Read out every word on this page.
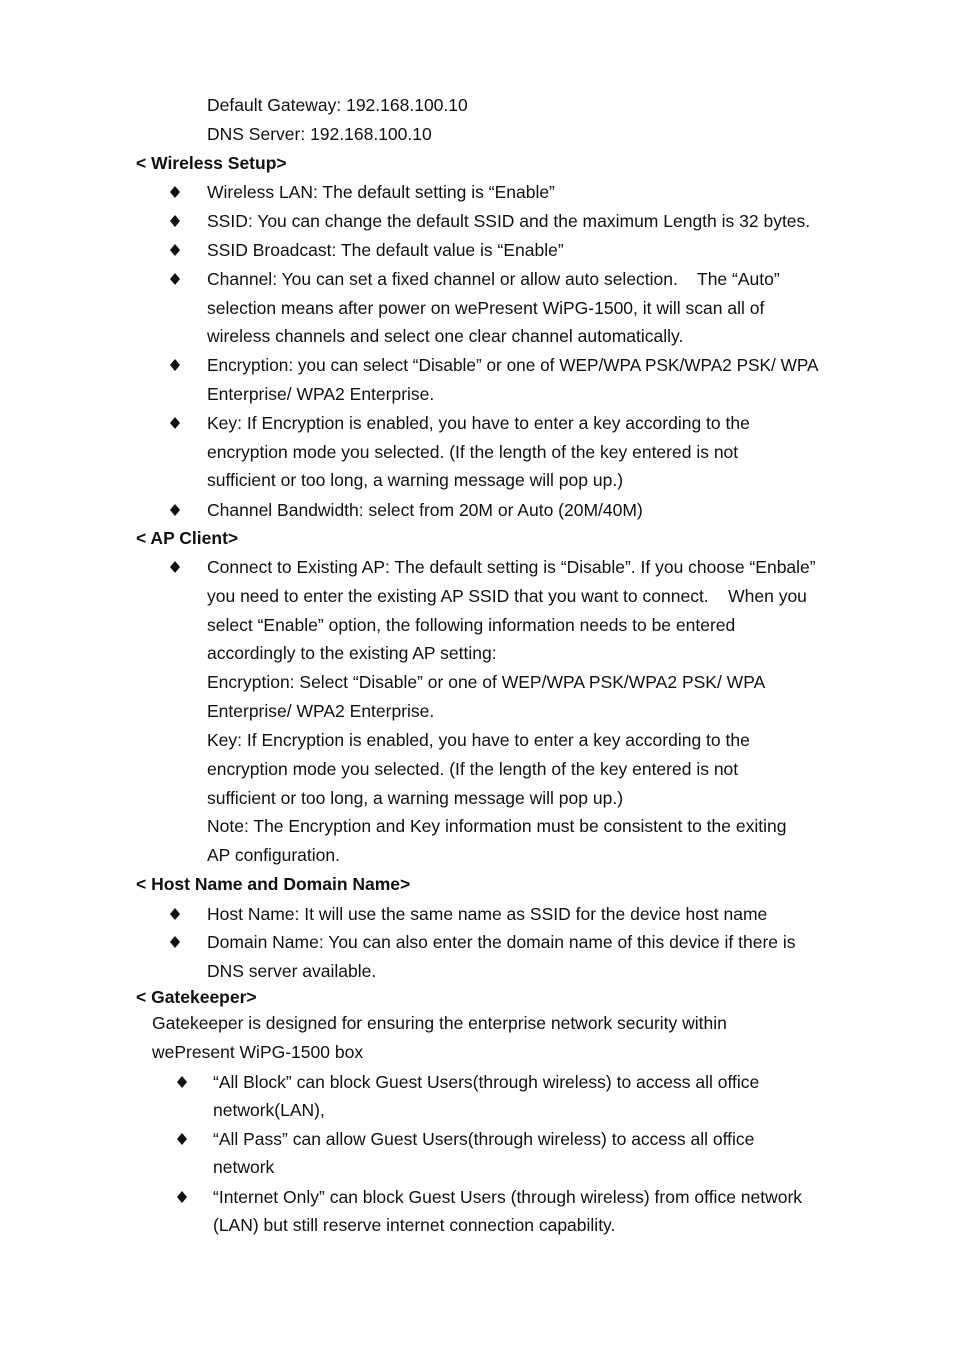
Default Gateway: 192.168.100.10
DNS Server: 192.168.100.10
< Wireless Setup>
Wireless LAN: The default setting is “Enable”
SSID: You can change the default SSID and the maximum Length is 32 bytes.
SSID Broadcast: The default value is “Enable”
Channel: You can set a fixed channel or allow auto selection.    The “Auto”
selection means after power on wePresent WiPG-1500, it will scan all of
wireless channels and select one clear channel automatically.
Encryption: you can select “Disable” or one of WEP/WPA PSK/WPA2 PSK/ WPA
Enterprise/ WPA2 Enterprise.
Key: If Encryption is enabled, you have to enter a key according to the
encryption mode you selected. (If the length of the key entered is not
sufficient or too long, a warning message will pop up.)
Channel Bandwidth: select from 20M or Auto (20M/40M)
< AP Client>
Connect to Existing AP: The default setting is “Disable”. If you choose “Enbale”
you need to enter the existing AP SSID that you want to connect.    When you
select “Enable” option, the following information needs to be entered
accordingly to the existing AP setting:
Encryption: Select “Disable” or one of WEP/WPA PSK/WPA2 PSK/ WPA
Enterprise/ WPA2 Enterprise.
Key: If Encryption is enabled, you have to enter a key according to the
encryption mode you selected. (If the length of the key entered is not
sufficient or too long, a warning message will pop up.)
Note: The Encryption and Key information must be consistent to the exiting
AP configuration.
< Host Name and Domain Name>
Host Name: It will use the same name as SSID for the device host name
Domain Name: You can also enter the domain name of this device if there is
DNS server available.
< Gatekeeper>
Gatekeeper is designed for ensuring the enterprise network security within
wePresent WiPG-1500 box
“All Block” can block Guest Users(through wireless) to access all office
network(LAN),
“All Pass” can allow Guest Users(through wireless) to access all office
network
“Internet Only” can block Guest Users (through wireless) from office network
(LAN) but still reserve internet connection capability.
